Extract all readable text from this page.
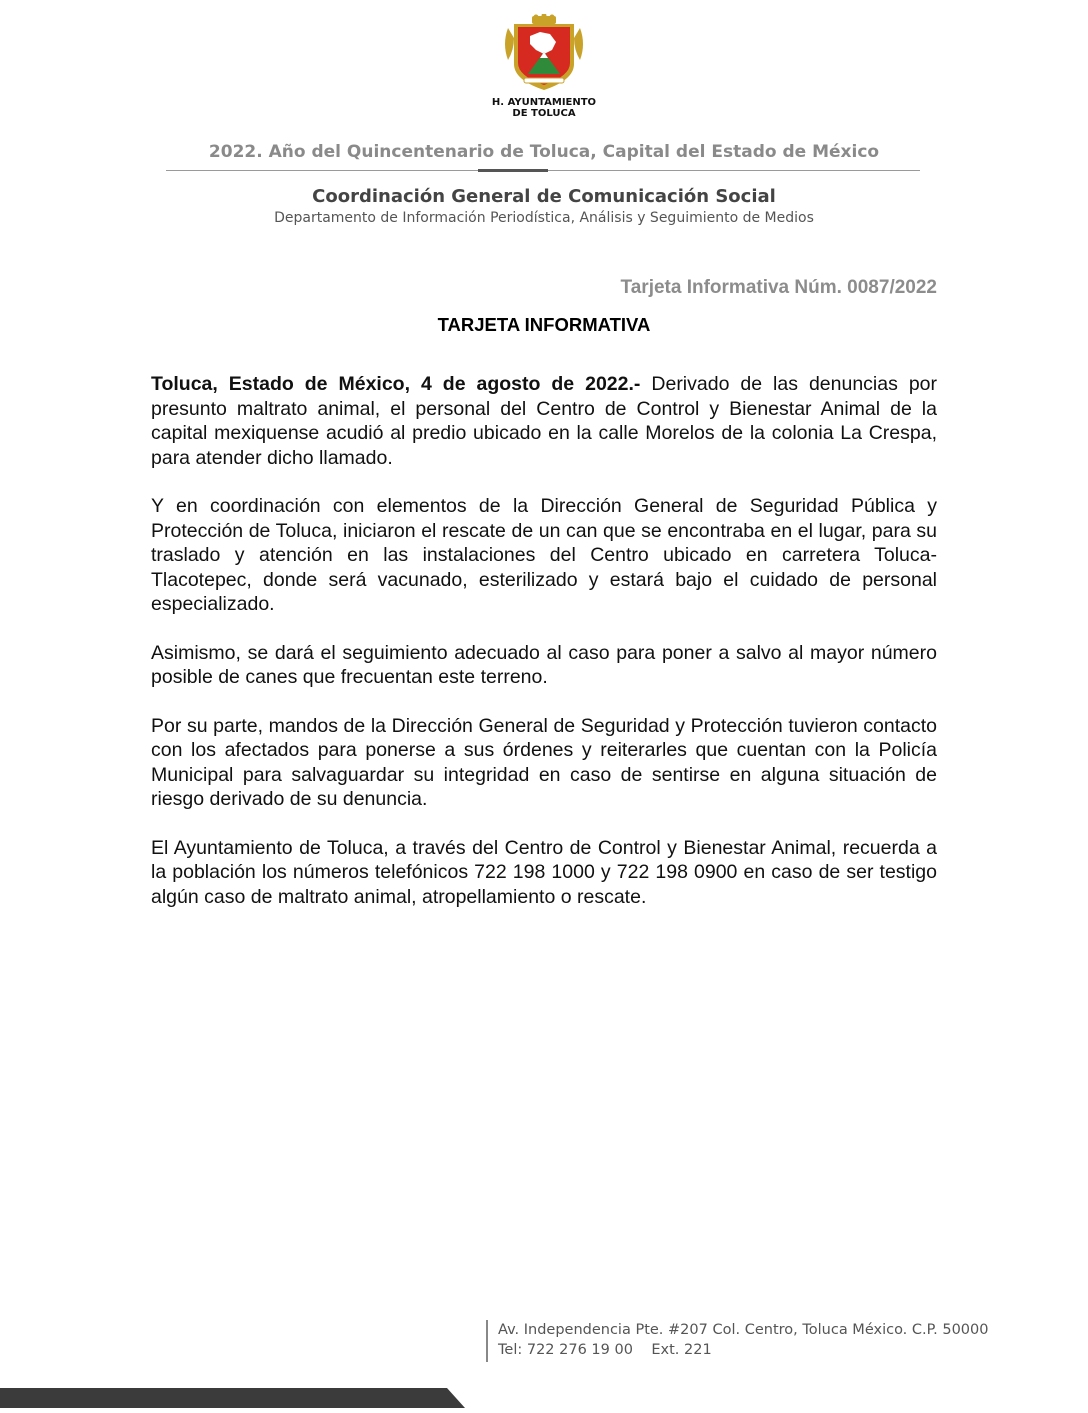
H. AYUNTAMIENTO
DE TOLUCA
2022. Año del Quincentenario de Toluca, Capital del Estado de México
Coordinación General de Comunicación Social
Departamento de Información Periodística, Análisis y Seguimiento de Medios
Tarjeta Informativa Núm. 0087/2022
TARJETA INFORMATIVA

Toluca, Estado de México, 4 de agosto de 2022.- Derivado de las denuncias por presunto maltrato animal, el personal del Centro de Control y Bienestar Animal de la capital mexiquense acudió al predio ubicado en la calle Morelos de la colonia La Crespa, para atender dicho llamado.

Y en coordinación con elementos de la Dirección General de Seguridad Pública y Protección de Toluca, iniciaron el rescate de un can que se encontraba en el lugar, para su traslado y atención en las instalaciones del Centro ubicado en carretera Toluca-Tlacotepec, donde será vacunado, esterilizado y estará bajo el cuidado de personal especializado.

Asimismo, se dará el seguimiento adecuado al caso para poner a salvo al mayor número posible de canes que frecuentan este terreno.

Por su parte, mandos de la Dirección General de Seguridad y Protección tuvieron contacto con los afectados para ponerse a sus órdenes y reiterarles que cuentan con la Policía Municipal para salvaguardar su integridad en caso de sentirse en alguna situación de riesgo derivado de su denuncia.

El Ayuntamiento de Toluca, a través del Centro de Control y Bienestar Animal, recuerda a la población los números telefónicos 722 198 1000 y 722 198 0900 en caso de ser testigo algún caso de maltrato animal, atropellamiento o rescate.

Av. Independencia Pte. #207 Col. Centro, Toluca México. C.P. 50000
Tel: 722 276 19 00    Ext. 221
